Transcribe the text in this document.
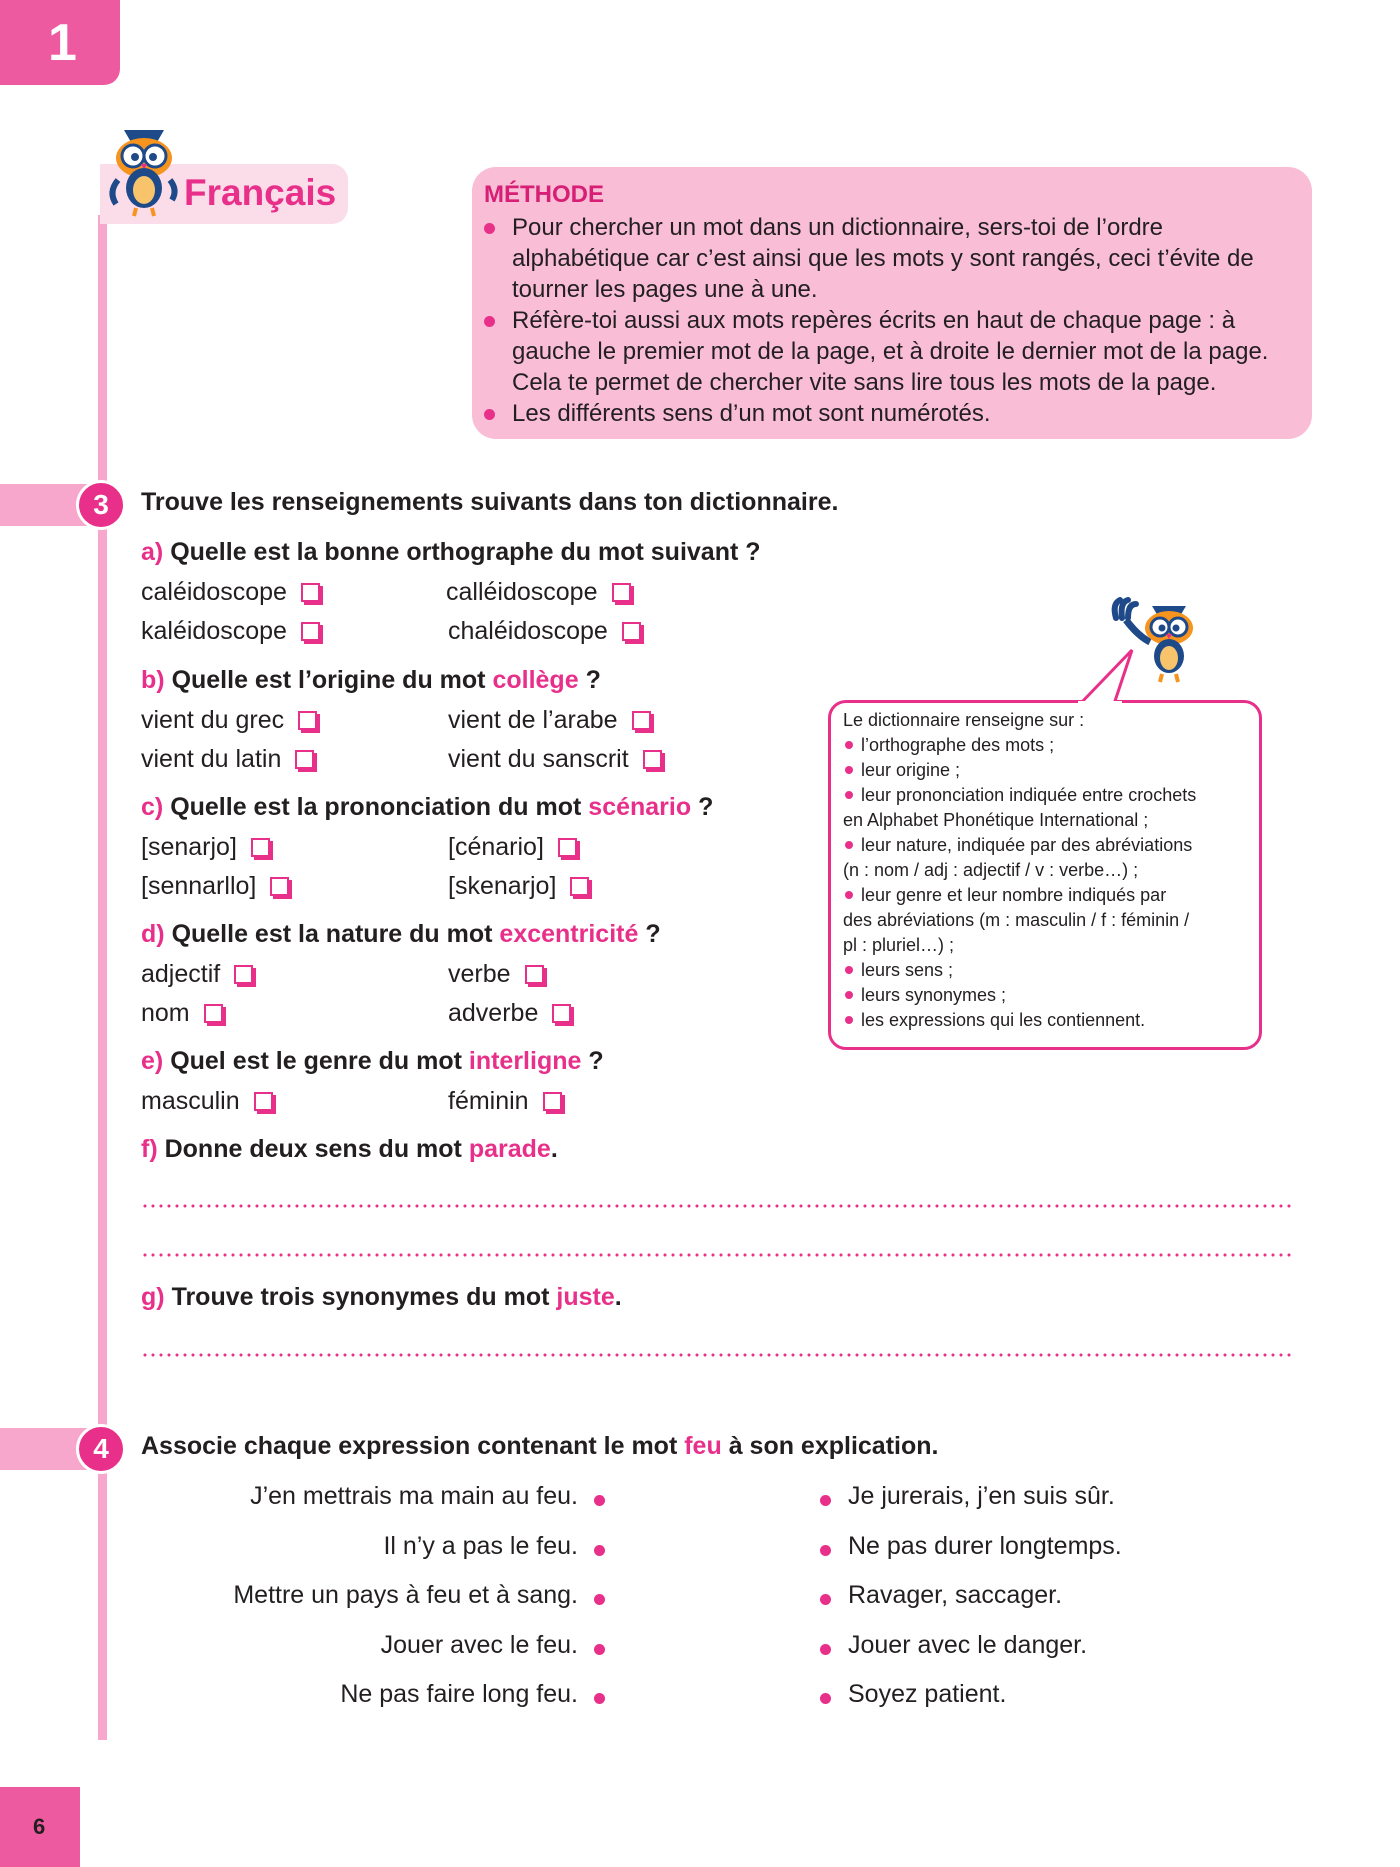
1
Français	MÉTHODE
Pour chercher un mot dans un dictionnaire, sers-toi de l’ordre alphabétique car c’est ainsi que les mots y sont rangés, ceci t’évite de tourner les pages une à une.
Réfère-toi aussi aux mots repères écrits en haut de chaque page : à gauche le premier mot de la page, et à droite le dernier mot de la page. Cela te permet de chercher vite sans lire tous les mots de la page.
Les différents sens d’un mot sont numérotés.
3	Trouve les renseignements suivants dans ton dictionnaire.
a) Quelle est la bonne orthographe du mot suivant ?
caléidoscope	calléidoscope
kaléidoscope	chaléidoscope
b) Quelle est l’origine du mot collège ?
vient du grec	vient de l’arabe
vient du latin	vient du sanscrit
c) Quelle est la prononciation du mot scénario ?
[senarjo]	[cénario]
[sennarllo]	[skenarjo]
d) Quelle est la nature du mot excentricité ?
adjectif	verbe
nom	adverbe
e) Quel est le genre du mot interligne ?
masculin	féminin
f) Donne deux sens du mot parade.
g) Trouve trois synonymes du mot juste.
Le dictionnaire renseigne sur :
l’orthographe des mots ;
leur origine ;
leur prononciation indiquée entre crochets
en Alphabet Phonétique International ;
leur nature, indiquée par des abréviations
(n : nom / adj : adjectif / v : verbe…) ;
leur genre et leur nombre indiqués par
des abréviations (m : masculin / f : féminin /
pl : pluriel…) ;
leurs sens ;
leurs synonymes ;
les expressions qui les contiennent.
4	Associe chaque expression contenant le mot feu à son explication.
J’en mettrais ma main au feu.
Il n’y a pas le feu.
Mettre un pays à feu et à sang.
Jouer avec le feu.
Ne pas faire long feu.
Je jurerais, j’en suis sûr.
Ne pas durer longtemps.
Ravager, saccager.
Jouer avec le danger.
Soyez patient.
6
